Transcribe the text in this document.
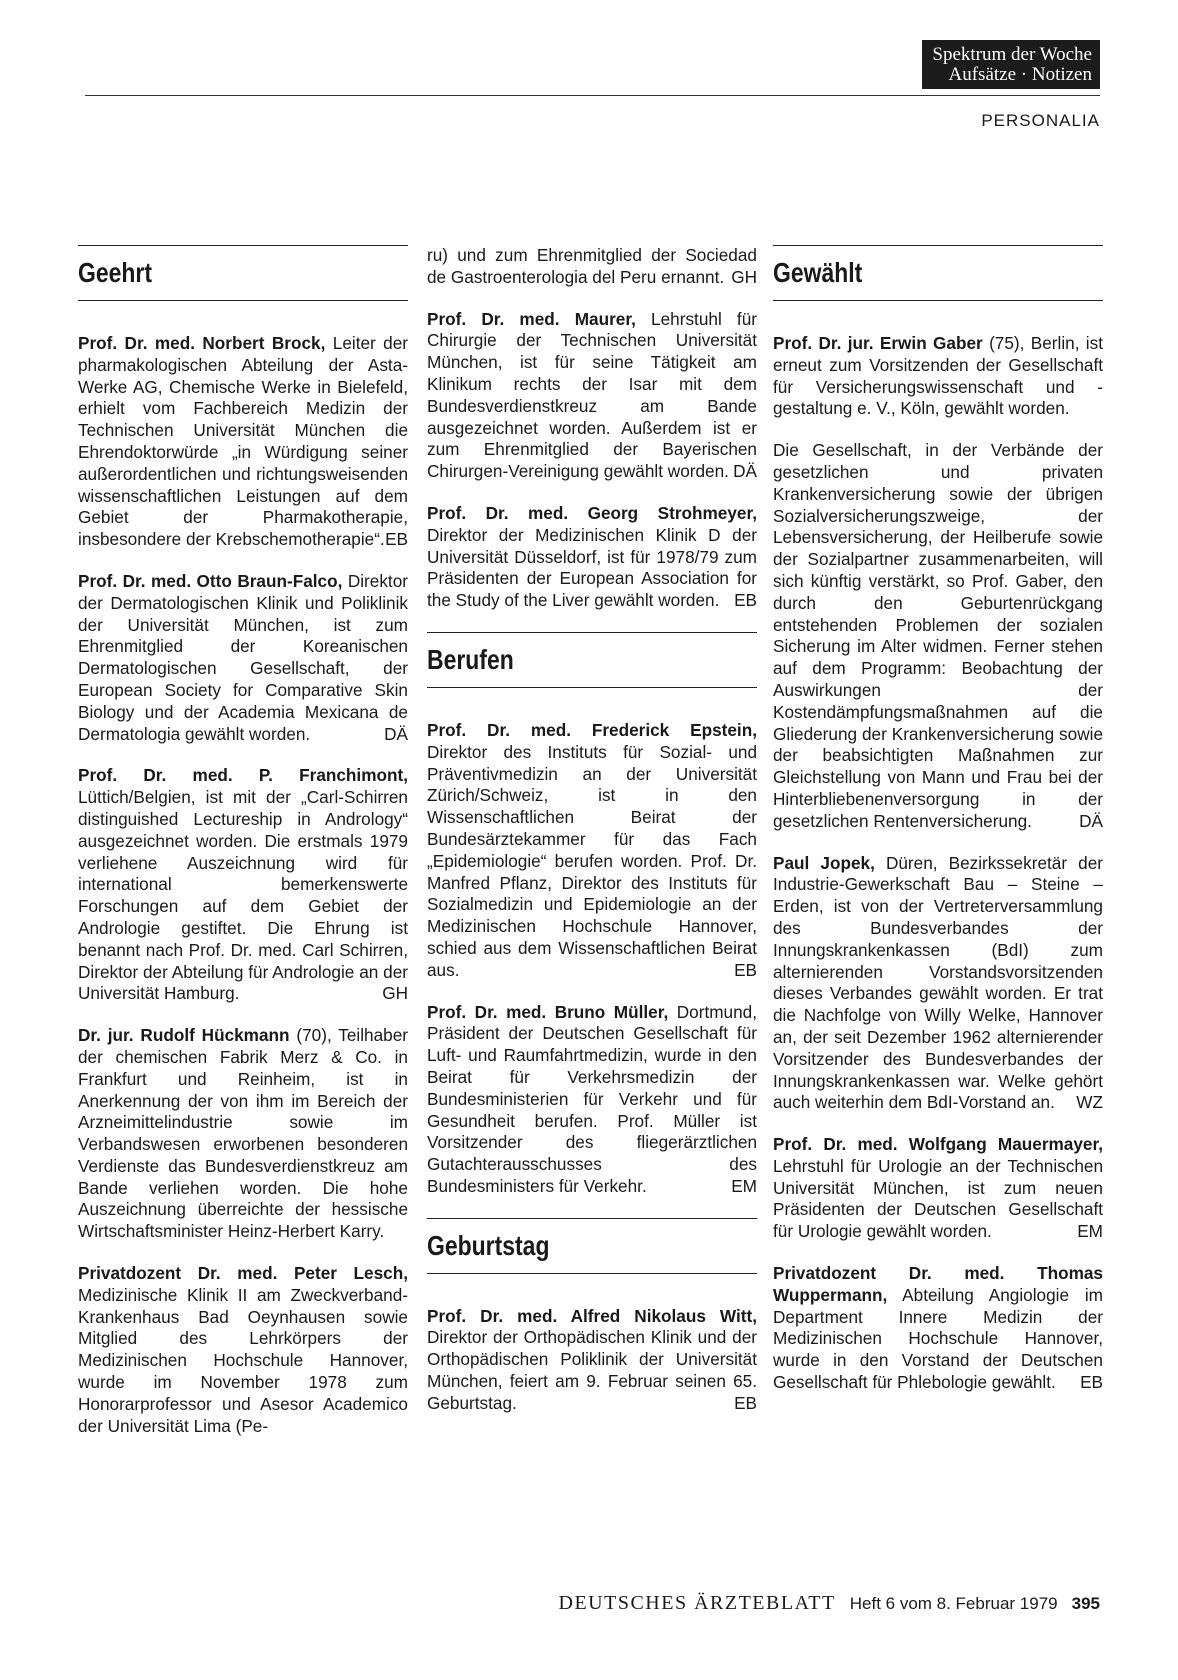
Spektrum der Woche
Aufsätze · Notizen
PERSONALIA
Geehrt

Prof. Dr. med. Norbert Brock, Leiter der pharmakologischen Abteilung der Asta-Werke AG, Chemische Werke in Bielefeld, erhielt vom Fachbereich Medizin der Technischen Universität München die Ehrendoktorwürde „in Würdigung seiner außerordentlichen und richtungsweisenden wissenschaftlichen Leistungen auf dem Gebiet der Pharmakotherapie, insbesondere der Krebschemotherapie“. EB

Prof. Dr. med. Otto Braun-Falco, Direktor der Dermatologischen Klinik und Poliklinik der Universität München, ist zum Ehrenmitglied der Koreanischen Dermatologischen Gesellschaft, der European Society for Comparative Skin Biology und der Academia Mexicana de Dermatologia gewählt worden.	DÄ

Prof. Dr. med. P. Franchimont, Lüttich/Belgien, ist mit der „Carl-Schirren distinguished Lectureship in Andrology“ ausgezeichnet worden. Die erstmals 1979 verliehene Auszeichnung wird für international bemerkenswerte Forschungen auf dem Gebiet der Andrologie gestiftet. Die Ehrung ist benannt nach Prof. Dr. med. Carl Schirren, Direktor der Abteilung für Andrologie an der Universität Hamburg.	GH

Dr. jur. Rudolf Hückmann (70), Teilhaber der chemischen Fabrik Merz & Co. in Frankfurt und Reinheim, ist in Anerkennung der von ihm im Bereich der Arzneimittelindustrie sowie im Verbandswesen erworbenen besonderen Verdienste das Bundesverdienstkreuz am Bande verliehen worden. Die hohe Auszeichnung überreichte der hessische Wirtschaftsminister Heinz-Herbert Karry.

Privatdozent Dr. med. Peter Lesch, Medizinische Klinik II am Zweckverband-Krankenhaus Bad Oeynhausen sowie Mitglied des Lehrkörpers der Medizinischen Hochschule Hannover, wurde im November 1978 zum Honorarprofessor und Asesor Academico der Universität Lima (Pe-

ru) und zum Ehrenmitglied der Sociedad de Gastroenterologia del Peru ernannt. GH

Prof. Dr. med. Maurer, Lehrstuhl für Chirurgie der Technischen Universität München, ist für seine Tätigkeit am Klinikum rechts der Isar mit dem Bundesverdienstkreuz am Bande ausgezeichnet worden. Außerdem ist er zum Ehrenmitglied der Bayerischen Chirurgen-Vereinigung gewählt worden. DÄ

Prof. Dr. med. Georg Strohmeyer, Direktor der Medizinischen Klinik D der Universität Düsseldorf, ist für 1978/79 zum Präsidenten der European Association for the Study of the Liver gewählt worden. EB

Berufen

Prof. Dr. med. Frederick Epstein, Direktor des Instituts für Sozial- und Präventivmedizin an der Universität Zürich/Schweiz, ist in den Wissenschaftlichen Beirat der Bundesärztekammer für das Fach „Epidemiologie“ berufen worden. Prof. Dr. Manfred Pflanz, Direktor des Instituts für Sozialmedizin und Epidemiologie an der Medizinischen Hochschule Hannover, schied aus dem Wissenschaftlichen Beirat aus.	EB

Prof. Dr. med. Bruno Müller, Dortmund, Präsident der Deutschen Gesellschaft für Luft- und Raumfahrtmedizin, wurde in den Beirat für Verkehrsmedizin der Bundesministerien für Verkehr und für Gesundheit berufen. Prof. Müller ist Vorsitzender des fliegerärztlichen Gutachterausschusses des Bundesministers für Verkehr.	EM

Geburtstag

Prof. Dr. med. Alfred Nikolaus Witt, Direktor der Orthopädischen Klinik und der Orthopädischen Poliklinik der Universität München, feiert am 9. Februar seinen 65. Geburtstag.	EB

Gewählt

Prof. Dr. jur. Erwin Gaber (75), Berlin, ist erneut zum Vorsitzenden der Gesellschaft für Versicherungswissenschaft und -gestaltung e. V., Köln, gewählt worden.

Die Gesellschaft, in der Verbände der gesetzlichen und privaten Krankenversicherung sowie der übrigen Sozialversicherungszweige, der Lebensversicherung, der Heilberufe sowie der Sozialpartner zusammenarbeiten, will sich künftig verstärkt, so Prof. Gaber, den durch den Geburtenrückgang entstehenden Problemen der sozialen Sicherung im Alter widmen. Ferner stehen auf dem Programm: Beobachtung der Auswirkungen der Kostendämpfungsmaßnahmen auf die Gliederung der Krankenversicherung sowie der beabsichtigten Maßnahmen zur Gleichstellung von Mann und Frau bei der Hinterbliebenenversorgung in der gesetzlichen Rentenversicherung.	DÄ

Paul Jopek, Düren, Bezirkssekretär der Industrie-Gewerkschaft Bau – Steine – Erden, ist von der Vertreterversammlung des Bundesverbandes der Innungskrankenkassen (BdI) zum alternierenden Vorstandsvorsitzenden dieses Verbandes gewählt worden. Er trat die Nachfolge von Willy Welke, Hannover an, der seit Dezember 1962 alternierender Vorsitzender des Bundesverbandes der Innungskrankenkassen war. Welke gehört auch weiterhin dem BdI-Vorstand an. WZ

Prof. Dr. med. Wolfgang Mauermayer, Lehrstuhl für Urologie an der Technischen Universität München, ist zum neuen Präsidenten der Deutschen Gesellschaft für Urologie gewählt worden.	EM

Privatdozent Dr. med. Thomas Wuppermann, Abteilung Angiologie im Department Innere Medizin der Medizinischen Hochschule Hannover, wurde in den Vorstand der Deutschen Gesellschaft für Phlebologie gewählt. EB

DEUTSCHES ÄRZTEBLATT Heft 6 vom 8. Februar 1979 395
